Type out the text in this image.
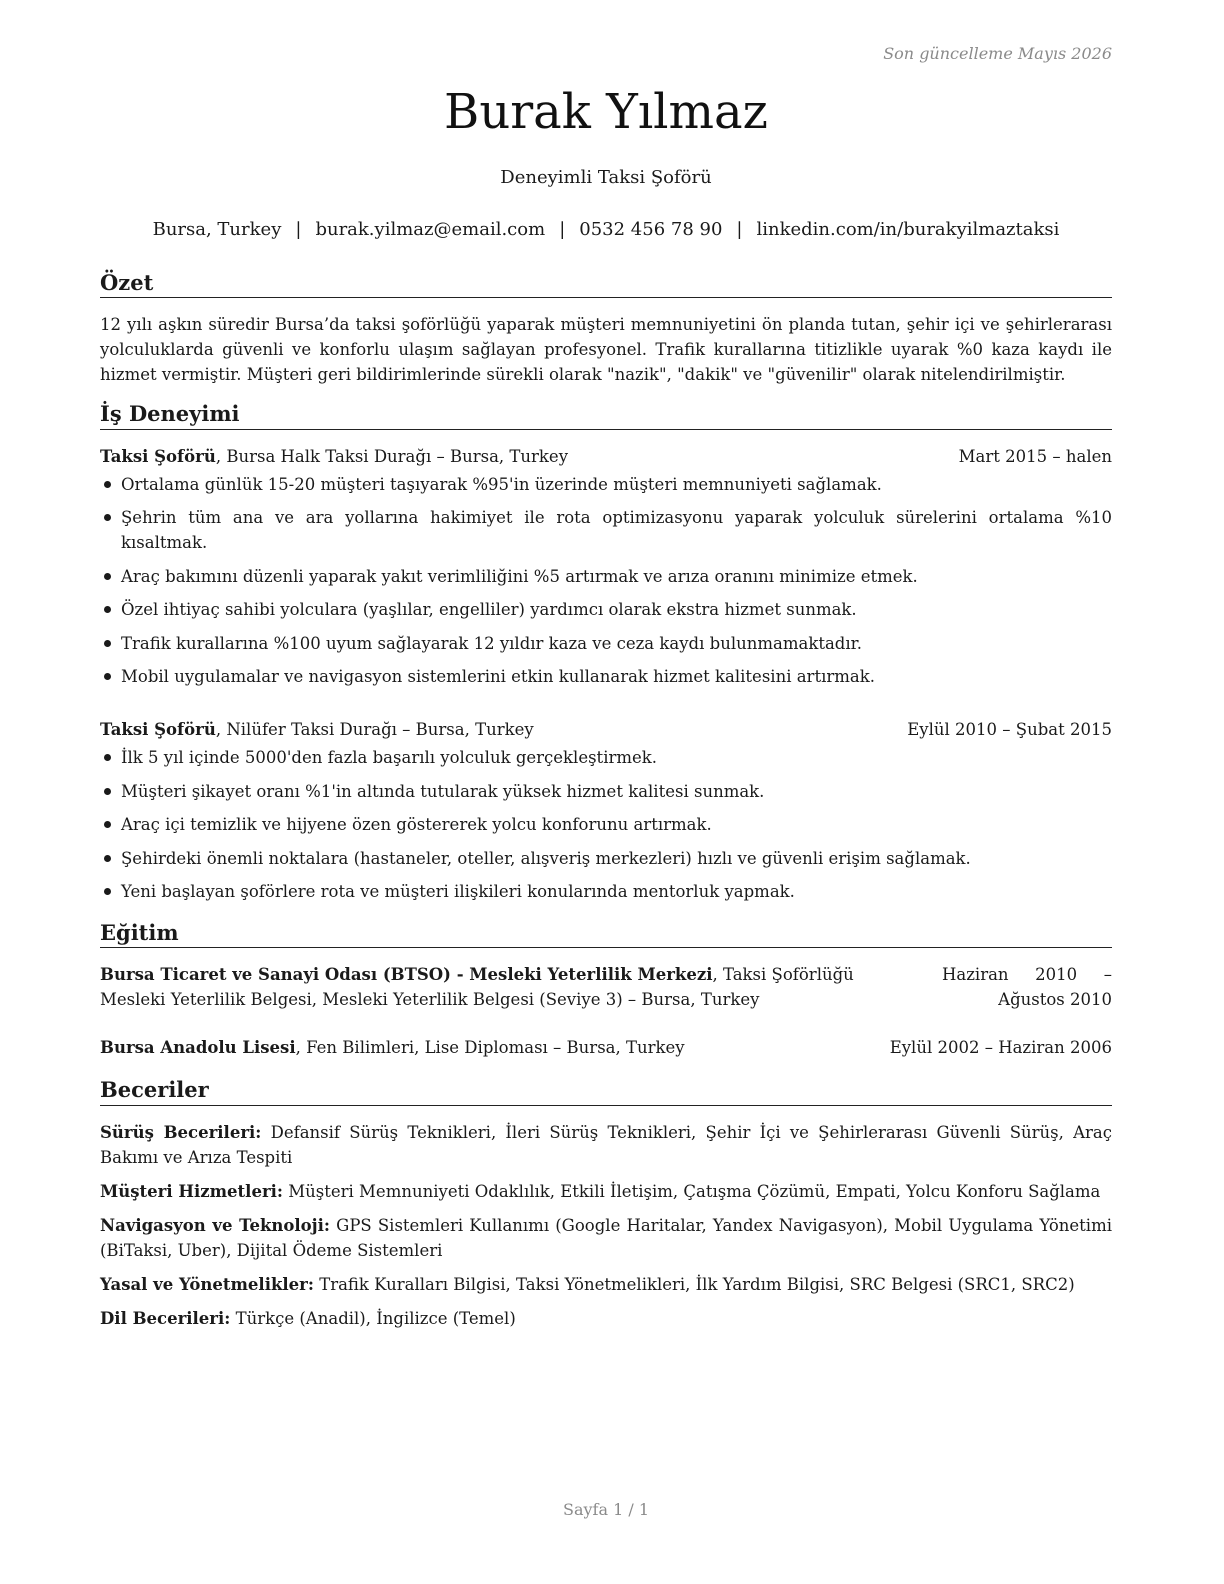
Son güncelleme Mayıs 2026
Burak Yılmaz
Deneyimli Taksi Şoförü
Bursa, Turkey | burak.yilmaz@email.com | 0532 456 78 90 | linkedin.com/in/burakyilmaztaksi
Özet

12 yılı aşkın süredir Bursa’da taksi şoförlüğü yaparak müşteri memnuniyetini ön planda tutan, şehir içi ve şehirlerarası yolculuklarda güvenli ve konforlu ulaşım sağlayan profesyonel. Trafik kurallarına titizlikle uyarak %0 kaza kaydı ile hizmet vermiştir. Müşteri geri bildirimlerinde sürekli olarak "nazik", "dakik" ve "güvenilir" olarak nitelendirilmiştir.

İş Deneyimi
Taksi Şoförü, Bursa Halk Taksi Durağı – Bursa, Turkey	Mart 2015 – halen
Ortalama günlük 15-20 müşteri taşıyarak %95'in üzerinde müşteri memnuniyeti sağlamak.
Şehrin tüm ana ve ara yollarına hakimiyet ile rota optimizasyonu yaparak yolculuk sürelerini ortalama %10 kısaltmak.
Araç bakımını düzenli yaparak yakıt verimliliğini %5 artırmak ve arıza oranını minimize etmek.
Özel ihtiyaç sahibi yolculara (yaşlılar, engelliler) yardımcı olarak ekstra hizmet sunmak.
Trafik kurallarına %100 uyum sağlayarak 12 yıldır kaza ve ceza kaydı bulunmamaktadır.
Mobil uygulamalar ve navigasyon sistemlerini etkin kullanarak hizmet kalitesini artırmak.
Taksi Şoförü, Nilüfer Taksi Durağı – Bursa, Turkey	Eylül 2010 – Şubat 2015
İlk 5 yıl içinde 5000'den fazla başarılı yolculuk gerçekleştirmek.
Müşteri şikayet oranı %1'in altında tutularak yüksek hizmet kalitesi sunmak.
Araç içi temizlik ve hijyene özen göstererek yolcu konforunu artırmak.
Şehirdeki önemli noktalara (hastaneler, oteller, alışveriş merkezleri) hızlı ve güvenli erişim sağlamak.
Yeni başlayan şoförlere rota ve müşteri ilişkileri konularında mentorluk yapmak.
Eğitim
Bursa Ticaret ve Sanayi Odası (BTSO) - Mesleki Yeterlilik Merkezi, Taksi Şoförlüğü Mesleki Yeterlilik Belgesi, Mesleki Yeterlilik Belgesi (Seviye 3) – Bursa, Turkey
Haziran 2010 – Ağustos 2010
Bursa Anadolu Lisesi, Fen Bilimleri, Lise Diploması – Bursa, Turkey	Eylül 2002 – Haziran 2006
Beceriler
Sürüş Becerileri: Defansif Sürüş Teknikleri, İleri Sürüş Teknikleri, Şehir İçi ve Şehirlerarası Güvenli Sürüş, Araç Bakımı ve Arıza Tespiti
Müşteri Hizmetleri: Müşteri Memnuniyeti Odaklılık, Etkili İletişim, Çatışma Çözümü, Empati, Yolcu Konforu Sağlama
Navigasyon ve Teknoloji: GPS Sistemleri Kullanımı (Google Haritalar, Yandex Navigasyon), Mobil Uygulama Yönetimi (BiTaksi, Uber), Dijital Ödeme Sistemleri
Yasal ve Yönetmelikler: Trafik Kuralları Bilgisi, Taksi Yönetmelikleri, İlk Yardım Bilgisi, SRC Belgesi (SRC1, SRC2)
Dil Becerileri: Türkçe (Anadil), İngilizce (Temel)
Sayfa 1 / 1
